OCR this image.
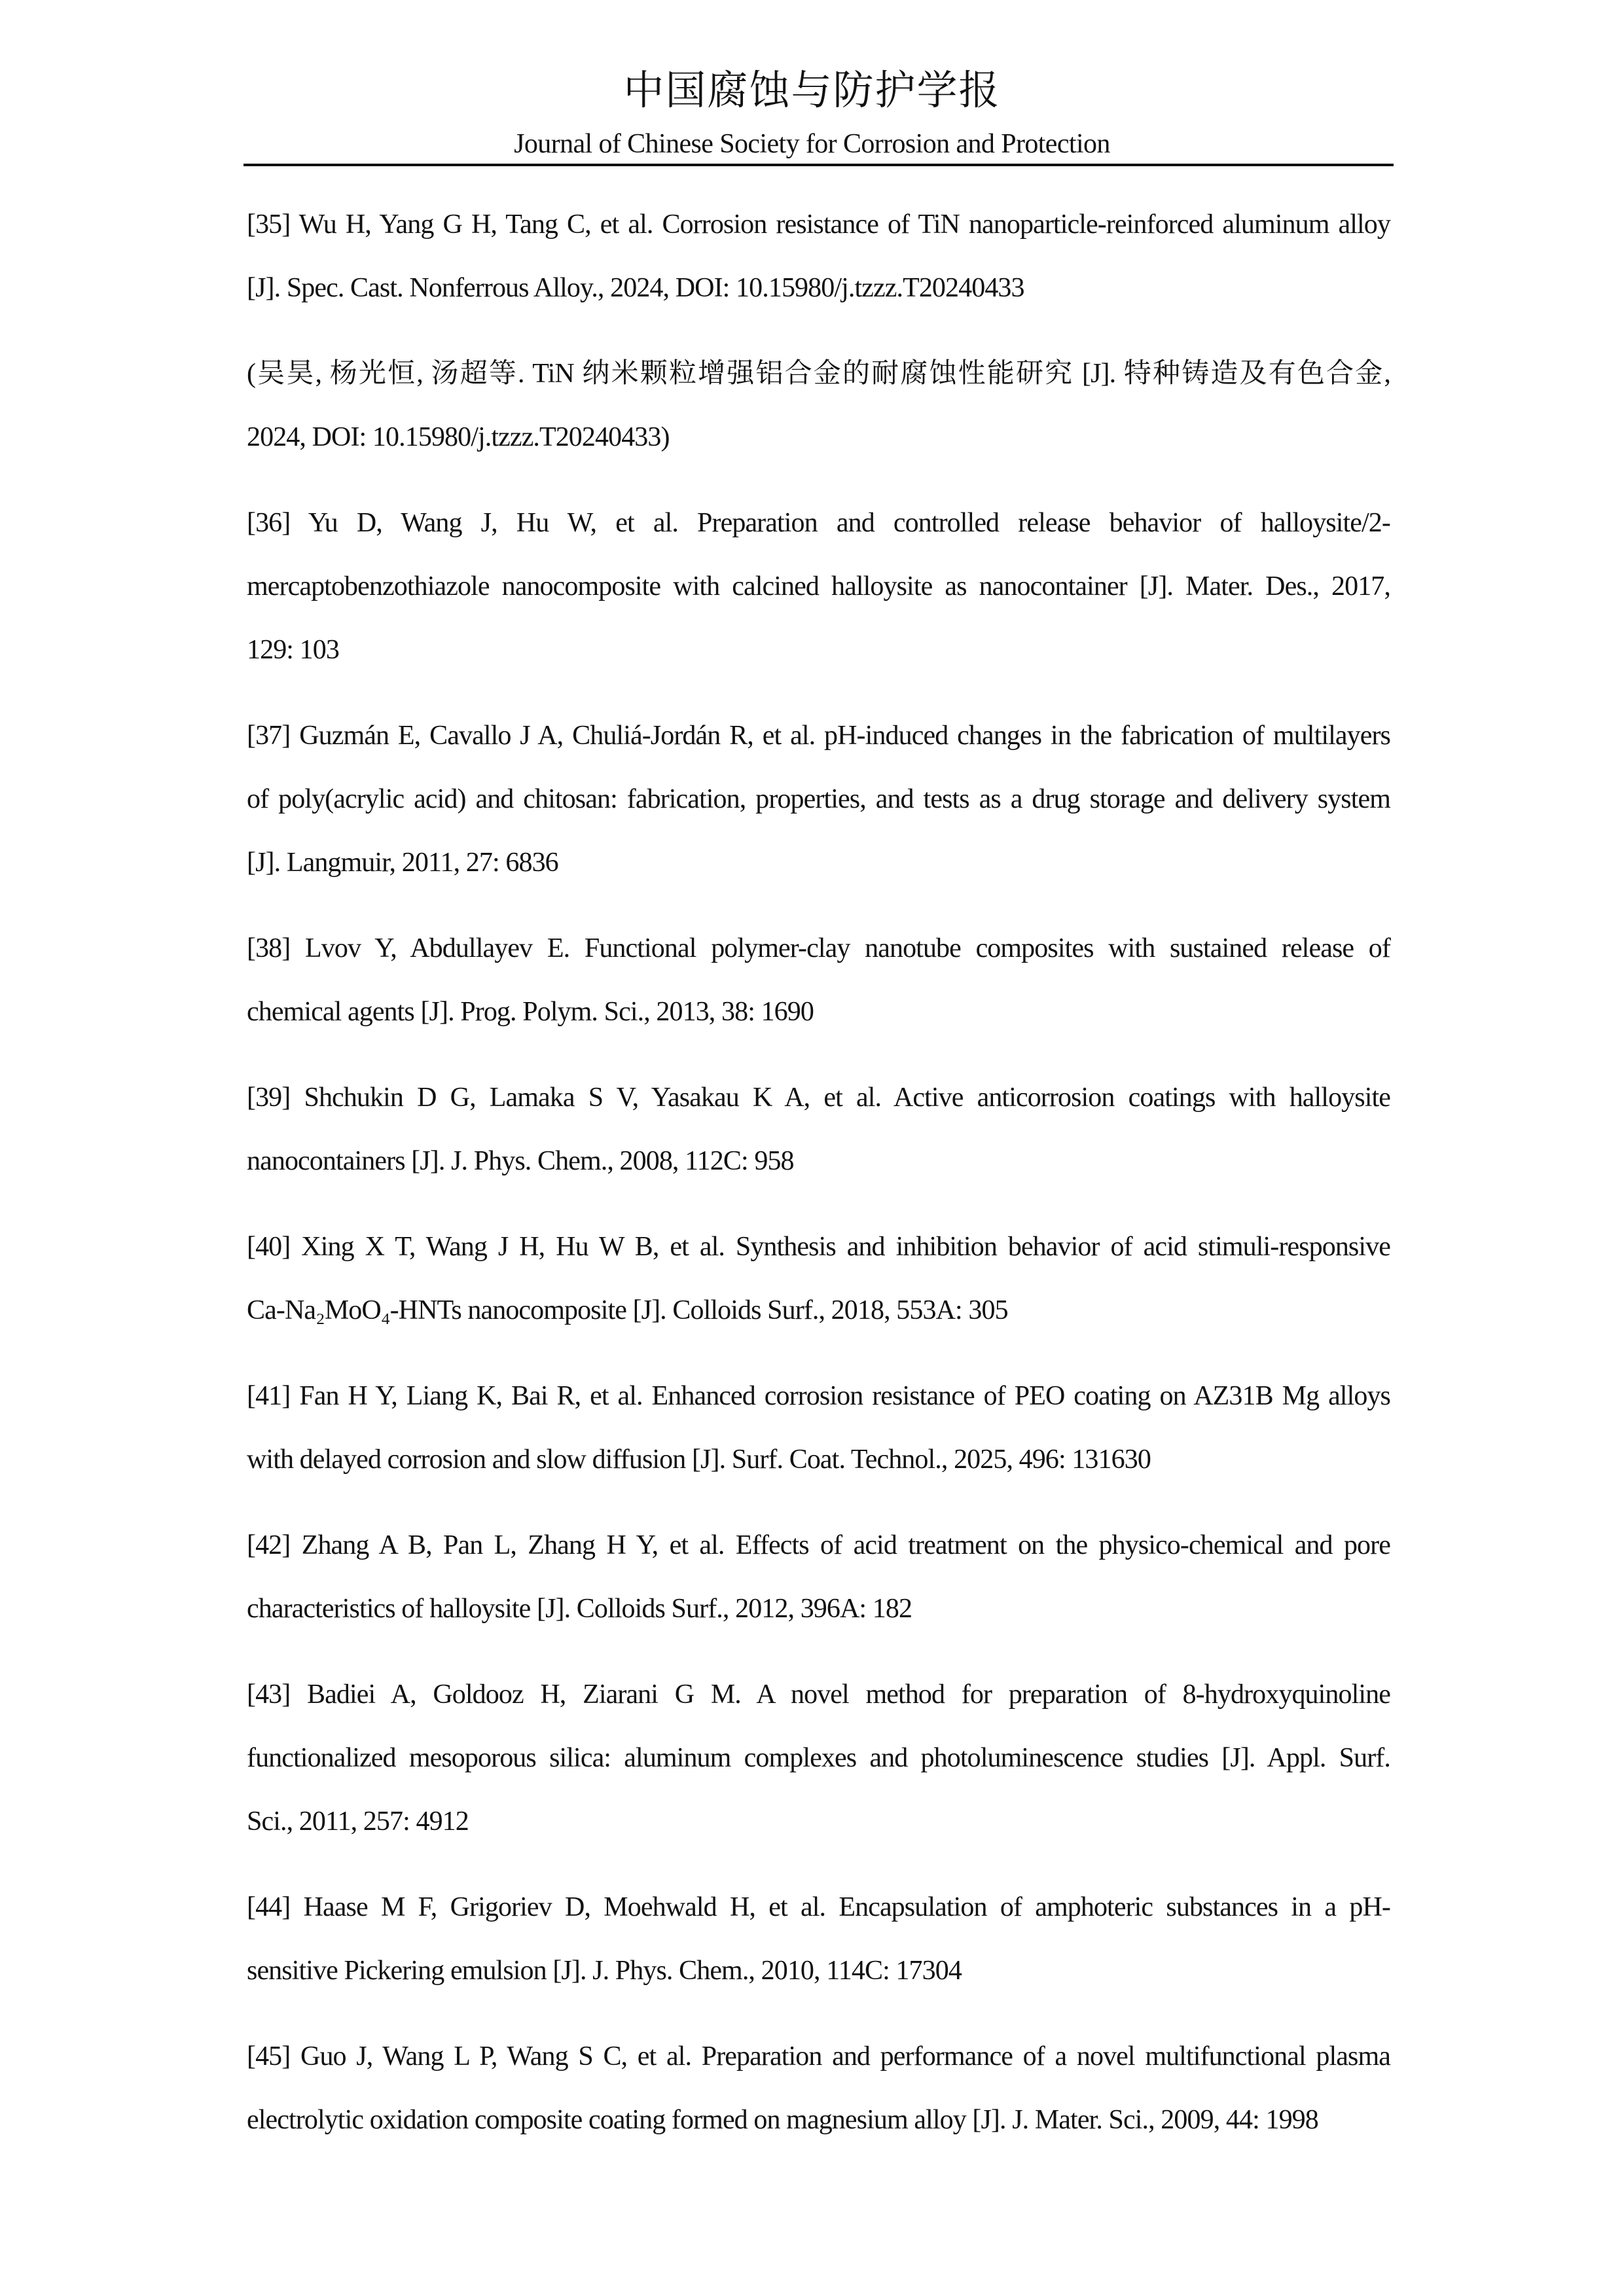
中国腐蚀与防护学报
Journal of Chinese Society for Corrosion and Protection
[35] Wu H, Yang G H, Tang C, et al. Corrosion resistance of TiN nanoparticle-reinforced aluminum alloy
[J]. Spec. Cast. Nonferrous Alloy., 2024, DOI: 10.15980/j.tzzz.T20240433
(吴昊, 杨光恒, 汤超等. TiN 纳米颗粒增强铝合金的耐腐蚀性能研究 [J]. 特种铸造及有色合金,
2024, DOI: 10.15980/j.tzzz.T20240433)
[36] Yu D, Wang J, Hu W, et al. Preparation and controlled release behavior of halloysite/2-
mercaptobenzothiazole nanocomposite with calcined halloysite as nanocontainer [J]. Mater. Des., 2017,
129: 103
[37] Guzmán E, Cavallo J A, Chuliá-Jordán R, et al. pH-induced changes in the fabrication of multilayers
of poly(acrylic acid) and chitosan: fabrication, properties, and tests as a drug storage and delivery system
[J]. Langmuir, 2011, 27: 6836
[38] Lvov Y, Abdullayev E. Functional polymer-clay nanotube composites with sustained release of
chemical agents [J]. Prog. Polym. Sci., 2013, 38: 1690
[39] Shchukin D G, Lamaka S V, Yasakau K A, et al. Active anticorrosion coatings with halloysite
nanocontainers [J]. J. Phys. Chem., 2008, 112C: 958
[40] Xing X T, Wang J H, Hu W B, et al. Synthesis and inhibition behavior of acid stimuli-responsive
Ca-Na₂MoO₄-HNTs nanocomposite [J]. Colloids Surf., 2018, 553A: 305
[41] Fan H Y, Liang K, Bai R, et al. Enhanced corrosion resistance of PEO coating on AZ31B Mg alloys
with delayed corrosion and slow diffusion [J]. Surf. Coat. Technol., 2025, 496: 131630
[42] Zhang A B, Pan L, Zhang H Y, et al. Effects of acid treatment on the physico-chemical and pore
characteristics of halloysite [J]. Colloids Surf., 2012, 396A: 182
[43] Badiei A, Goldooz H, Ziarani G M. A novel method for preparation of 8-hydroxyquinoline
functionalized mesoporous silica: aluminum complexes and photoluminescence studies [J]. Appl. Surf.
Sci., 2011, 257: 4912
[44] Haase M F, Grigoriev D, Moehwald H, et al. Encapsulation of amphoteric substances in a pH-
sensitive Pickering emulsion [J]. J. Phys. Chem., 2010, 114C: 17304
[45] Guo J, Wang L P, Wang S C, et al. Preparation and performance of a novel multifunctional plasma
electrolytic oxidation composite coating formed on magnesium alloy [J]. J. Mater. Sci., 2009, 44: 1998
